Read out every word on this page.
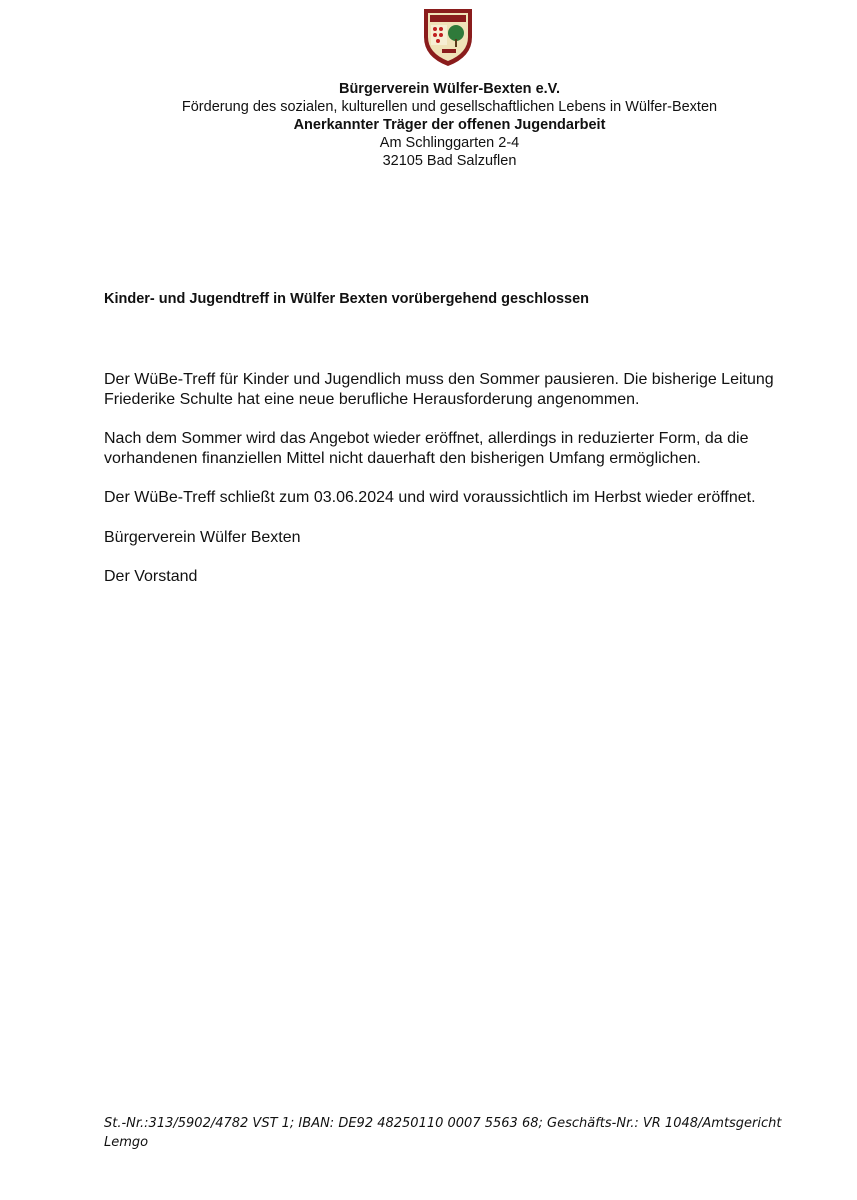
Bürgerverein Wülfer-Bexten e.V.
Förderung des sozialen, kulturellen und gesellschaftlichen Lebens in Wülfer-Bexten
Anerkannter Träger der offenen Jugendarbeit
Am Schlinggarten 2-4
32105 Bad Salzuflen
Kinder- und Jugendtreff in Wülfer Bexten vorübergehend geschlossen

Der WüBe-Treff für Kinder und Jugendlich muss den Sommer pausieren. Die bisherige Leitung Friederike Schulte hat eine neue berufliche Herausforderung angenommen.

Nach dem Sommer wird das Angebot wieder eröffnet, allerdings in reduzierter Form, da die vorhandenen finanziellen Mittel nicht dauerhaft den bisherigen Umfang ermöglichen.

Der WüBe-Treff schließt zum 03.06.2024 und wird voraussichtlich im Herbst wieder eröffnet.

Bürgerverein Wülfer Bexten

Der Vorstand

St.-Nr.:313/5902/4782 VST 1; IBAN: DE92 48250110 0007 5563 68; Geschäfts-Nr.: VR 1048/Amtsgericht Lemgo
